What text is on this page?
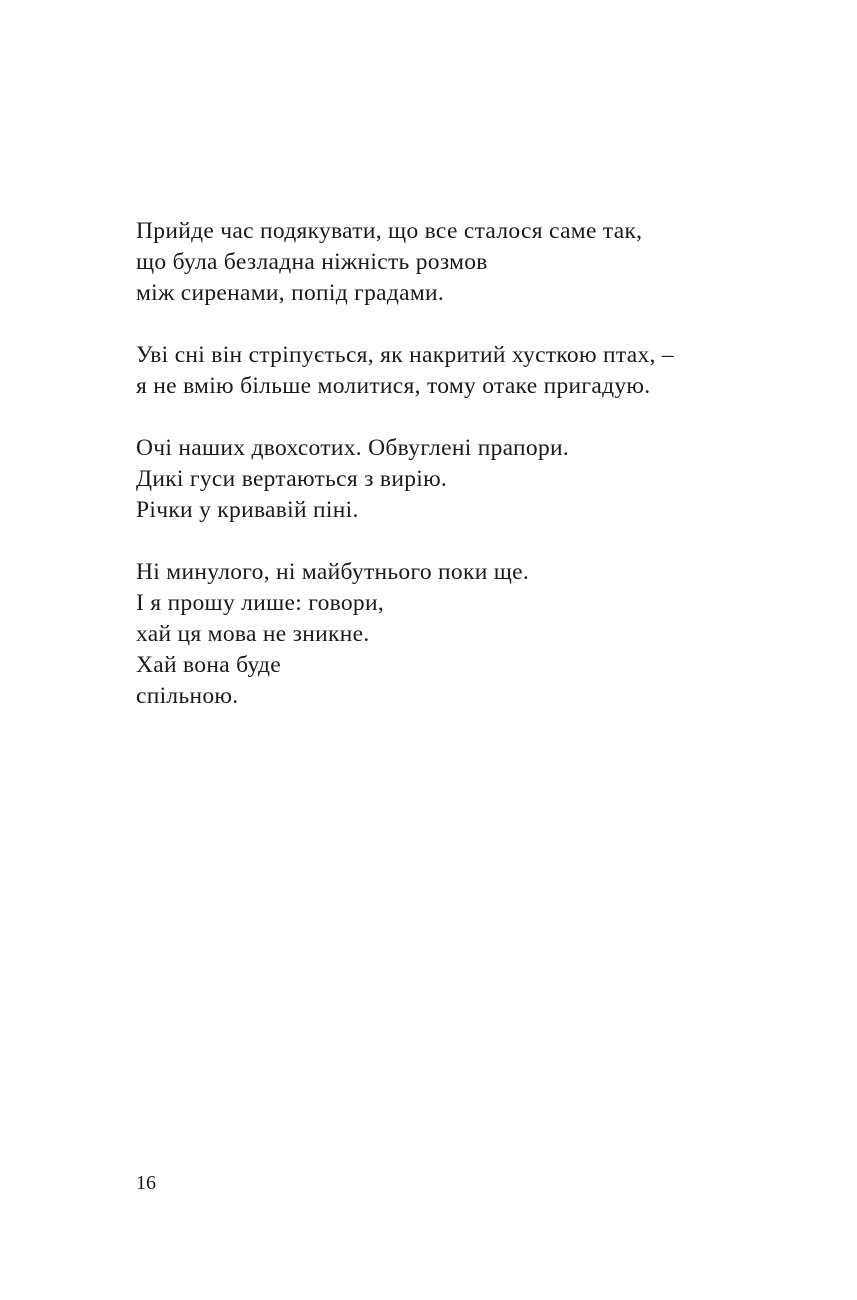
Прийде час подякувати, що все сталося саме так,
що була безладна ніжність розмов
між сиренами, попід градами.
Уві сні він стріпується, як накритий хусткою птах, –
я не вмію більше молитися, тому отаке пригадую.
Очі наших двохсотих. Обвуглені прапори.
Дикі гуси вертаються з вирію.
Річки у кривавій піні.
Ні минулого, ні майбутнього поки ще.
І я прошу лише: говори,
хай ця мова не зникне.
Хай вона буде
спільною.
16
